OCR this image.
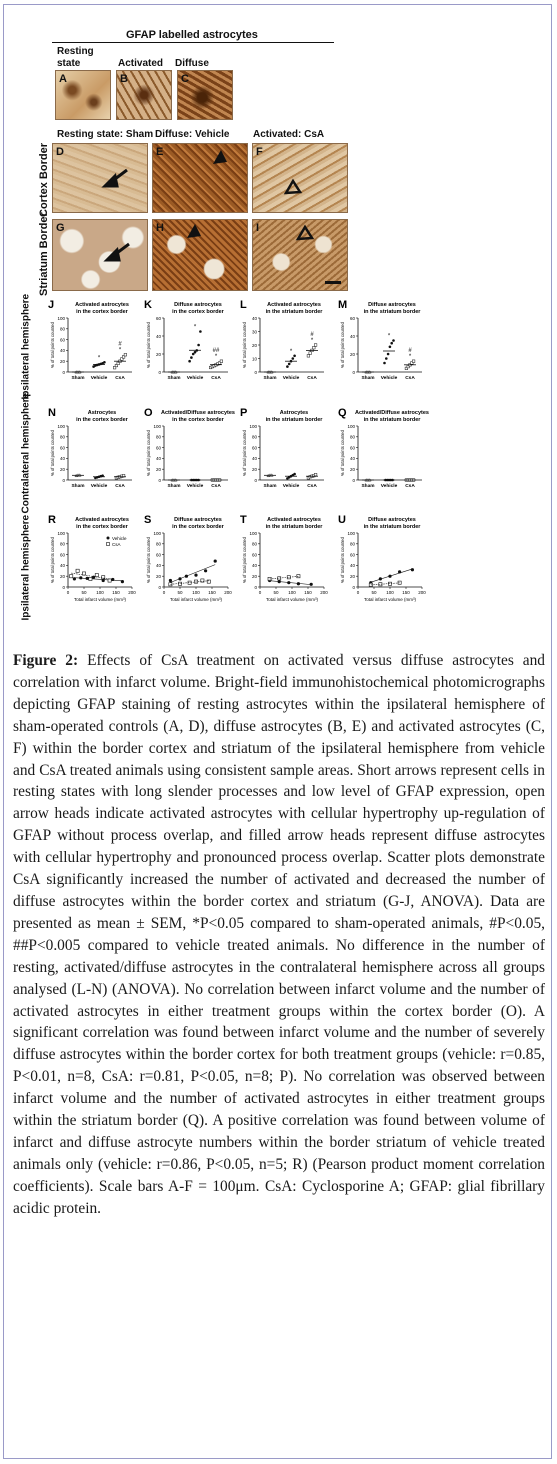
GFAP labelled astrocytes
Resting state	Activated Diffuse
A	B	C
Resting state: Sham Diffuse: Vehicle Activated: CsA
Cortex Border
Striatum Border
D	E	F
G	H	I
Ipsilateral hemisphere
Contralateral hemisphere
Ipsilateral hemisphere
J	Activated astrocytes
in the cortex border
0
20
40
60
80
100
% of total points counted
Sham Vehicle
*
CsA
#
*
K	Diffuse astrocytes
in the cortex border
0
20
40
60
% of total points counted
Sham Vehicle
*
CsA
##
*
L	Activated astrocytes
in the striatum border
0
10
20
30
40
% of total points counted
Sham Vehicle
*
CsA
#
*
M	Diffuse astrocytes
in the striatum border
0
20
40
60
% of total points counted
Sham Vehicle
*
CsA
#
*
N	Astrocytes
in the cortex border
0
20
40
60
80
100
% of total points counted
Sham Vehicle CsA
O Activated/Diffuse astrocytes
in the cortex border
0
20
40
60
80
100
% of total points counted
Sham Vehicle CsA
P	Astrocytes
in the striatum border
0
20
40
60
80
100
% of total points counted
Sham Vehicle CsA
Q Activated/Diffuse astrocytes
in the striatum border
0
20
40
60
80
100
% of total points counted
Sham Vehicle CsA
R	Activated astrocytes
in the cortex border
0
20
40
60
80
100
% of total points counted
0	50 100 150 200
Total infarct volume (mm³)
Vehicle
CsA
S	Diffuse astrocytes
in the cortex border
0
20
40
60
80
100
% of total points counted
0	50 100 150 200
Total infarct volume (mm³)
T	Activated astrocytes
in the striatum border
0
20
40
60
80
100
% of total points counted
0	50 100 150 200
Total infarct volume (mm³)
U	Diffuse astrocytes
in the striatum border
0
20
40
60
80
100
% of total points counted
0	50 100 150 200
Total infarct volume (mm³)
Figure 2: Effects of CsA treatment on activated versus diffuse astrocytes and correlation with infarct volume. Bright-field immunohistochemical photomicrographs depicting GFAP staining of resting astrocytes within the ipsilateral hemisphere of sham-operated controls (A, D), diffuse astrocytes (B, E) and activated astrocytes (C, F) within the border cortex and striatum of the ipsilateral hemisphere from vehicle and CsA treated animals using consistent sample areas. Short arrows represent cells in resting states with long slender processes and low level of GFAP expression, open arrow heads indicate activated astrocytes with cellular hypertrophy up-regulation of GFAP without process overlap, and filled arrow heads represent diffuse astrocytes with cellular hypertrophy and pronounced process overlap. Scatter plots demonstrate CsA significantly increased the number of activated and decreased the number of diffuse astrocytes within the border cortex and striatum (G-J, ANOVA). Data are presented as mean ± SEM, *P<0.05 compared to sham-operated animals, #P<0.05, ##P<0.005 compared to vehicle treated animals. No difference in the number of resting, activated/diffuse astrocytes in the contralateral hemisphere across all groups analysed (L-N) (ANOVA). No correlation between infarct volume and the number of activated astrocytes in either treatment groups within the cortex border (O). A significant correlation was found between infarct volume and the number of severely diffuse astrocytes within the border cortex for both treatment groups (vehicle: r=0.85, P<0.01, n=8, CsA: r=0.81, P<0.05, n=8; P). No correlation was observed between infarct volume and the number of activated astrocytes in either treatment groups within the striatum border (Q). A positive correlation was found between volume of infarct and diffuse astrocyte numbers within the border striatum of vehicle treated animals only (vehicle: r=0.86, P<0.05, n=5; R) (Pearson product moment correlation coefficients). Scale bars A-F = 100μm. CsA: Cyclosporine A; GFAP: glial fibrillary acidic protein.
